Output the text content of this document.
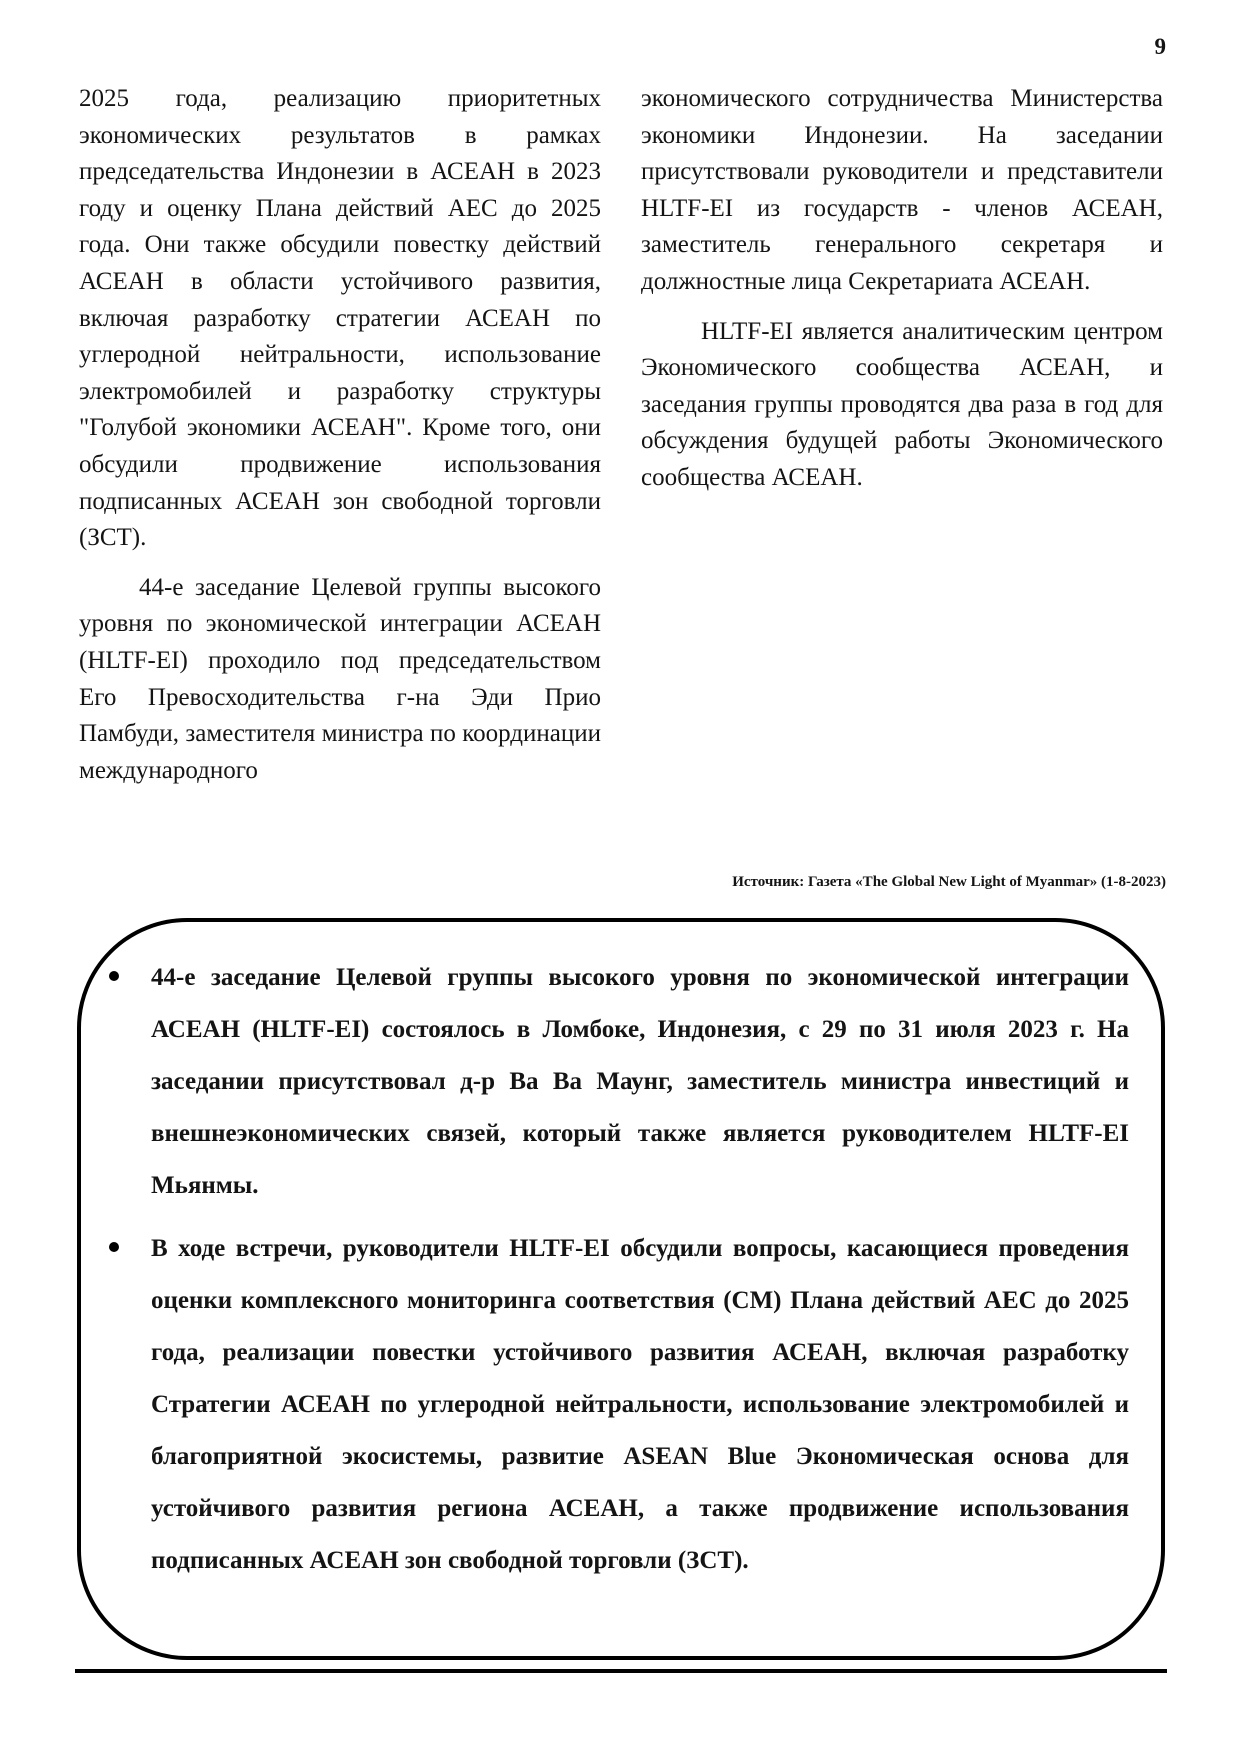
9

2025 года, реализацию приоритетных экономических результатов в рамках председательства Индонезии в АСЕАН в 2023 году и оценку Плана действий АЕС до 2025 года. Они также обсудили повестку действий АСЕАН в области устойчивого развития, включая разработку стратегии АСЕАН по углеродной нейтральности, использование электромобилей и разработку структуры "Голубой экономики АСЕАН". Кроме того, они обсудили продвижение использования подписанных АСЕАН зон свободной торговли (ЗСТ).

44-е заседание Целевой группы высокого уровня по экономической интеграции АСЕАН (HLTF-EI) проходило под председательством Его Превосходительства г-на Эди Прио Памбуди, заместителя министра по координации международного

экономического сотрудничества Министерства экономики Индонезии. На заседании присутствовали руководители и представители HLTF-EI из государств - членов АСЕАН, заместитель генерального секретаря и должностные лица Секретариата АСЕАН.

HLTF-EI является аналитическим центром Экономического сообщества АСЕАН, и заседания группы проводятся два раза в год для обсуждения будущей работы Экономического сообщества АСЕАН.

Источник: Газета «The Global New Light of Myanmar» (1-8-2023)
44-е заседание Целевой группы высокого уровня по экономической интеграции АСЕАН (HLTF-EI) состоялось в Ломбоке, Индонезия, с 29 по 31 июля 2023 г. На заседании присутствовал д-р Ва Ва Маунг, заместитель министра инвестиций и внешнеэкономических связей, который также является руководителем HLTF-EI Мьянмы.
В ходе встречи, руководители HLTF-EI обсудили вопросы, касающиеся проведения оценки комплексного мониторинга соответствия (CM) Плана действий АЕС до 2025 года, реализации повестки устойчивого развития АСЕАН, включая разработку Стратегии АСЕАН по углеродной нейтральности, использование электромобилей и благоприятной экосистемы, развитие ASEAN Blue Экономическая основа для устойчивого развития региона АСЕАН, а также продвижение использования подписанных АСЕАН зон свободной торговли (ЗСТ).
